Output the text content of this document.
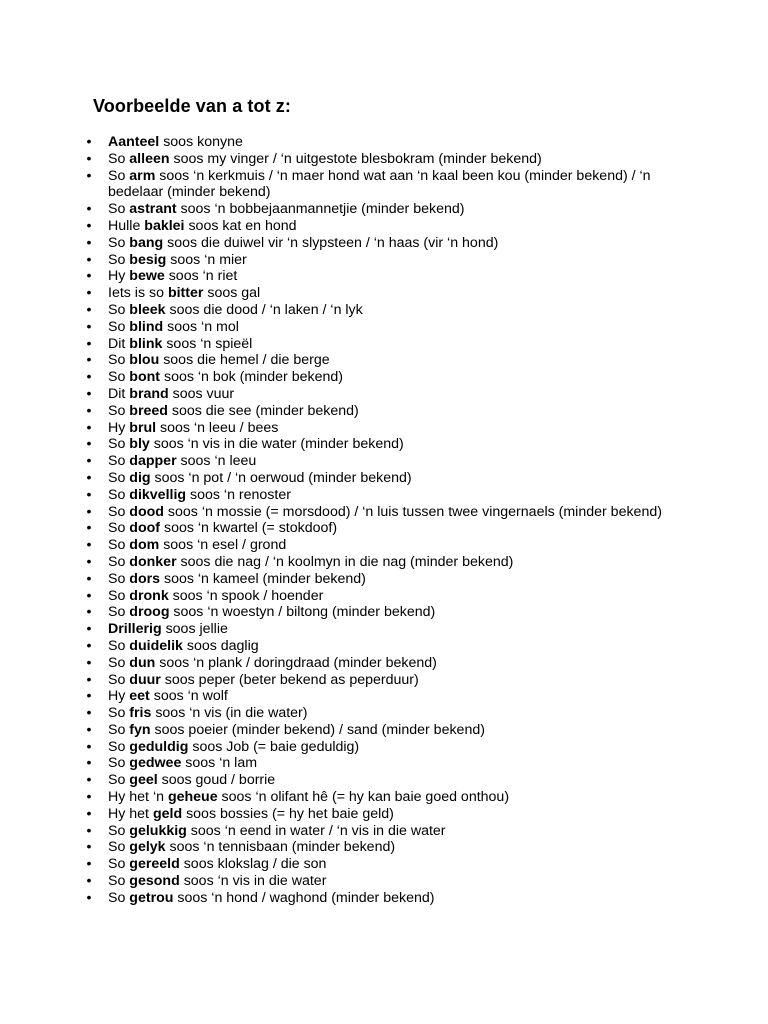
Voorbeelde van a tot z:
• Aanteel soos konyne
• So alleen soos my vinger / ‘n uitgestote blesbokram (minder bekend)
• So arm soos ‘n kerkmuis / ‘n maer hond wat aan ‘n kaal been kou (minder bekend) / ‘n bedelaar (minder bekend)
• So astrant soos ‘n bobbejaanmannetjie (minder bekend)
• Hulle baklei soos kat en hond
• So bang soos die duiwel vir ‘n slypsteen / ‘n haas (vir ‘n hond)
• So besig soos ‘n mier
• Hy bewe soos ‘n riet
• Iets is so bitter soos gal
• So bleek soos die dood / ‘n laken / ‘n lyk
• So blind soos ‘n mol
• Dit blink soos ‘n spieël
• So blou soos die hemel / die berge
• So bont soos ‘n bok (minder bekend)
• Dit brand soos vuur
• So breed soos die see (minder bekend)
• Hy brul soos ‘n leeu / bees
• So bly soos ‘n vis in die water (minder bekend)
• So dapper soos ‘n leeu
• So dig soos ‘n pot / ‘n oerwoud (minder bekend)
• So dikvellig soos ‘n renoster
• So dood soos ‘n mossie (= morsdood) / ‘n luis tussen twee vingernaels (minder bekend)
• So doof soos ‘n kwartel (= stokdoof)
• So dom soos ‘n esel / grond
• So donker soos die nag / ‘n koolmyn in die nag (minder bekend)
• So dors soos ‘n kameel (minder bekend)
• So dronk soos ‘n spook / hoender
• So droog soos ‘n woestyn / biltong (minder bekend)
• Drillerig soos jellie
• So duidelik soos daglig
• So dun soos ‘n plank / doringdraad (minder bekend)
• So duur soos peper (beter bekend as peperduur)
• Hy eet soos ‘n wolf
• So fris soos ‘n vis (in die water)
• So fyn soos poeier (minder bekend) / sand (minder bekend)
• So geduldig soos Job (= baie geduldig)
• So gedwee soos ‘n lam
• So geel soos goud / borrie
• Hy het ‘n geheue soos ‘n olifant hê (= hy kan baie goed onthou)
• Hy het geld soos bossies (= hy het baie geld)
• So gelukkig soos ‘n eend in water / ‘n vis in die water
• So gelyk soos ‘n tennisbaan (minder bekend)
• So gereeld soos klokslag / die son
• So gesond soos ‘n vis in die water
• So getrou soos ‘n hond / waghond (minder bekend)
